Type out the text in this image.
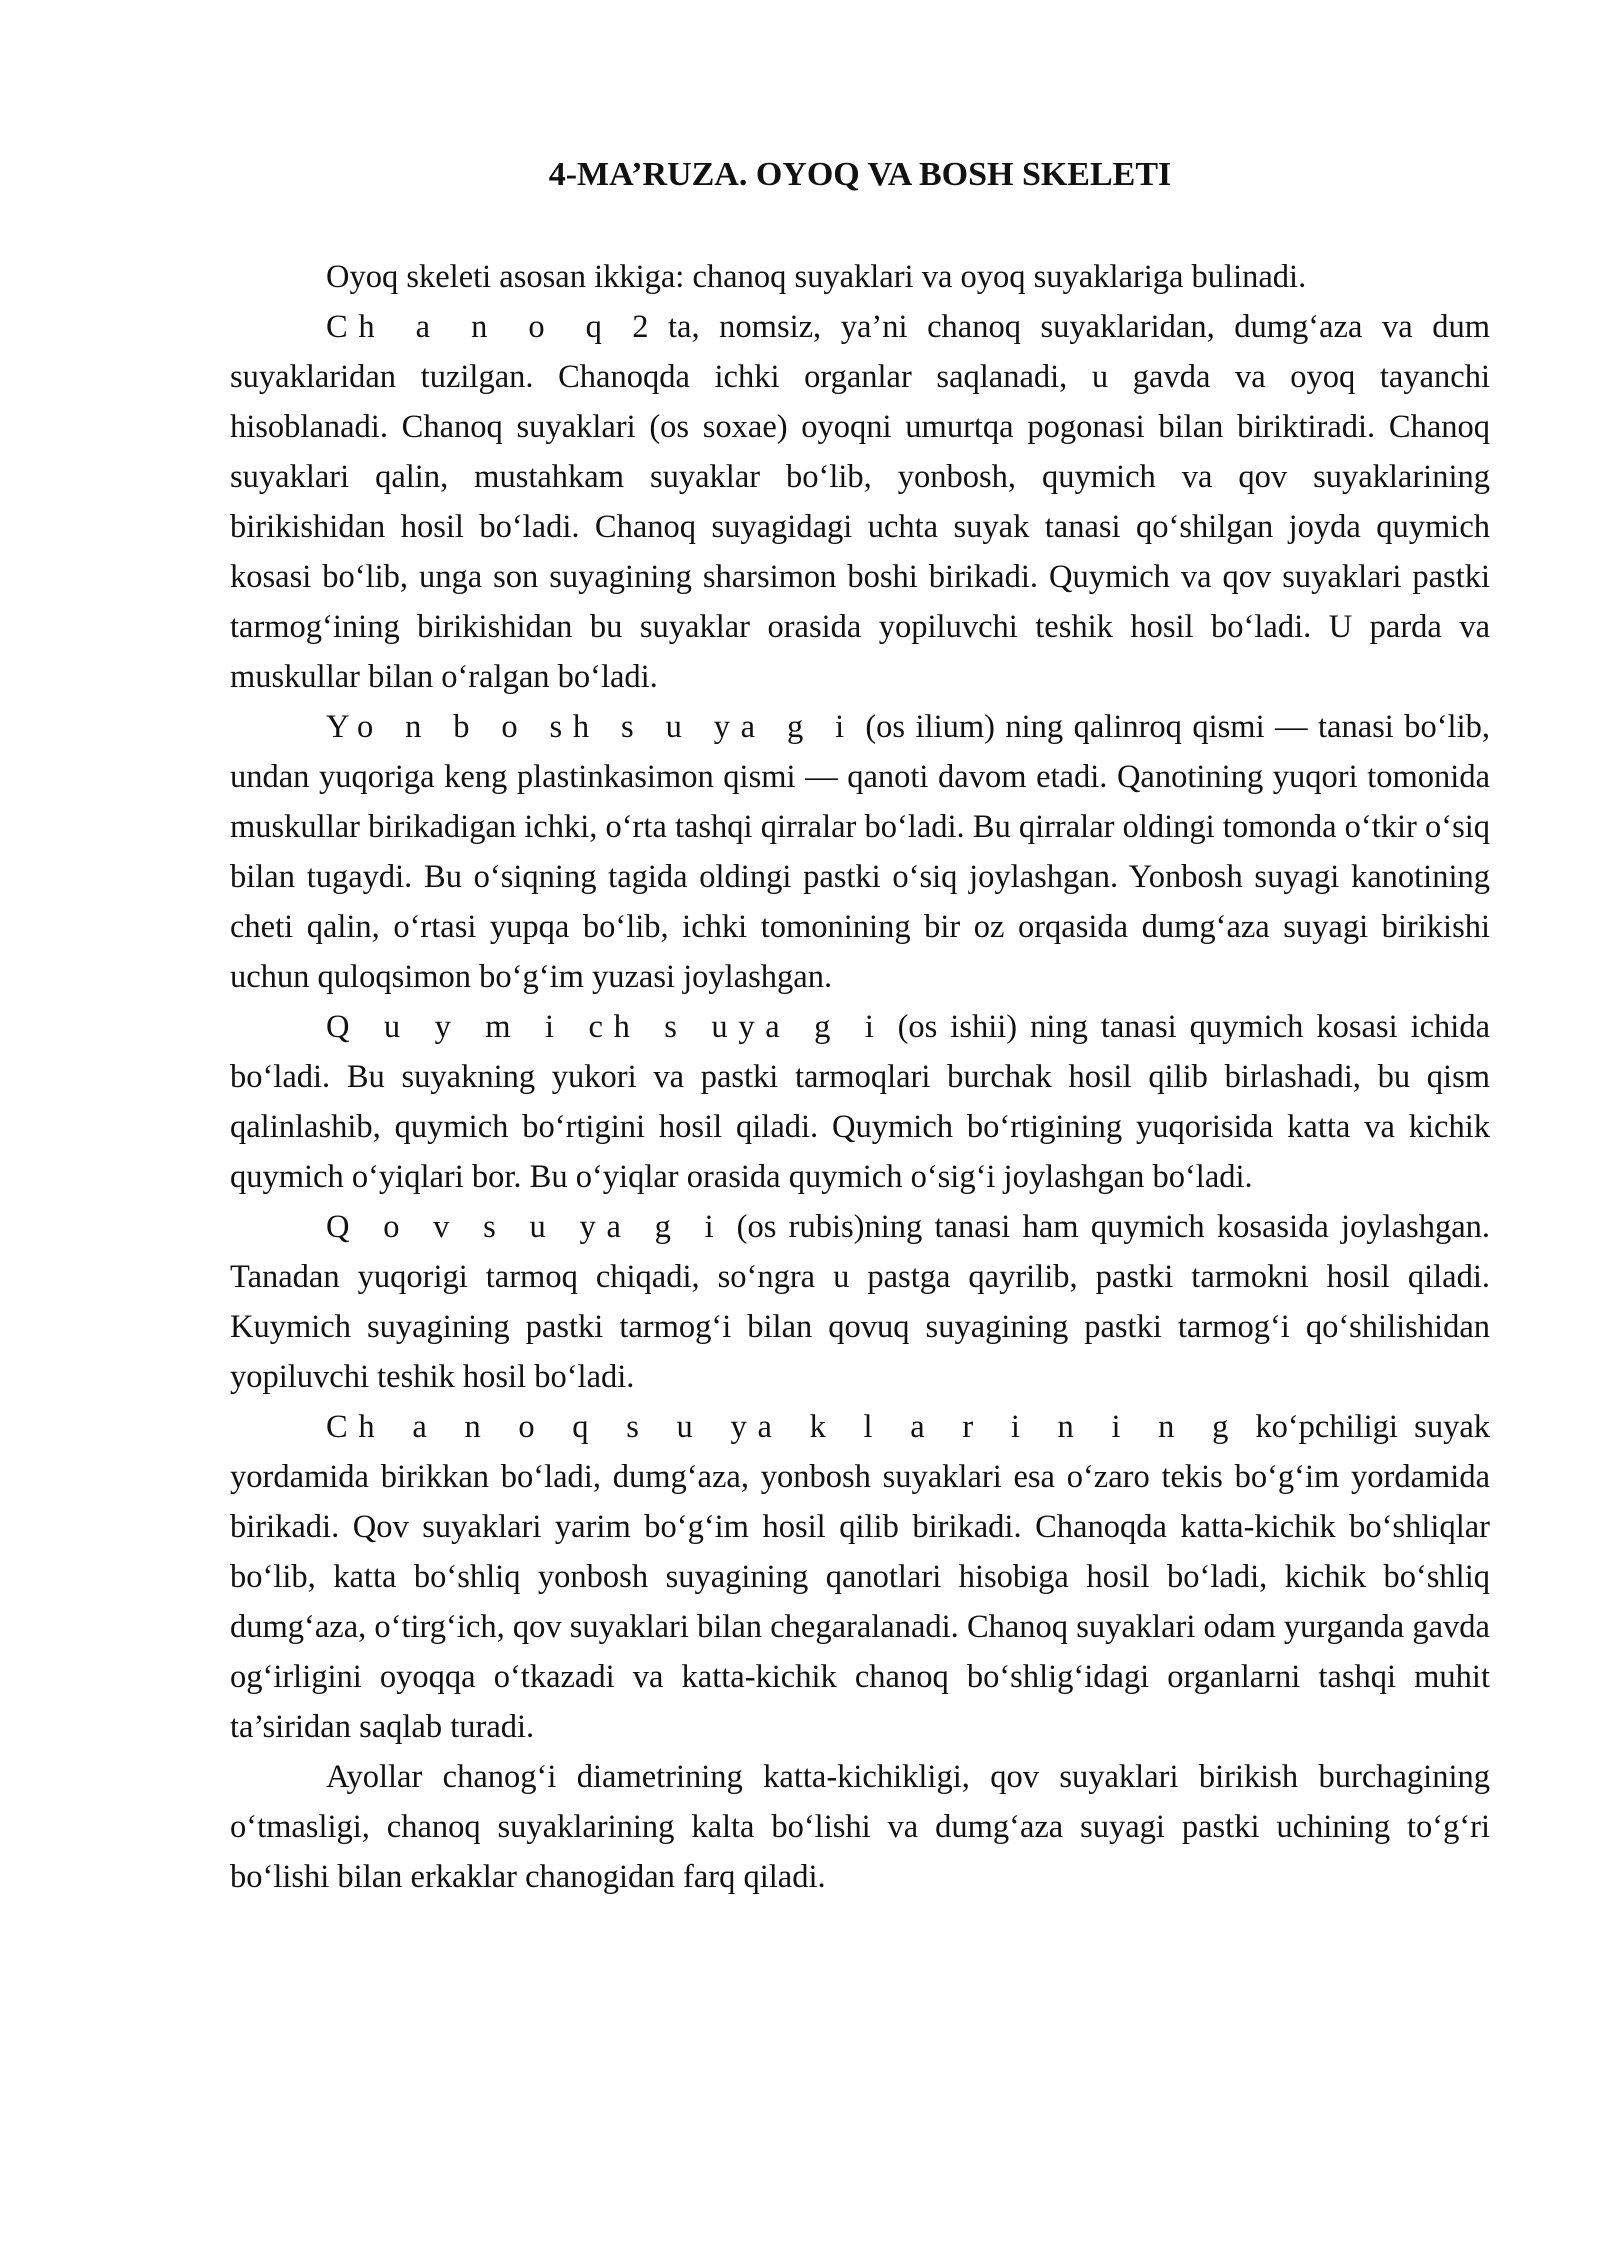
4-MA’RUZA. OYOQ VA BOSH SKELETI

Oyoq skeleti asosan ikkiga: chanoq suyaklari va oyoq suyaklariga bulinadi.

Ch a n o q 2 ta, nomsiz, ya’ni chanoq suyaklaridan, dumg‘aza va dum suyaklaridan tuzilgan. Chanoqda ichki organlar saqlanadi, u gavda va oyoq tayanchi hisoblanadi. Chanoq suyaklari (os soxae) oyoqni umurtqa pogonasi bilan biriktiradi. Chanoq suyaklari qalin, mustahkam suyaklar bo‘lib, yonbosh, quymich va qov suyaklarining birikishidan hosil bo‘ladi. Chanoq suyagidagi uchta suyak tanasi qo‘shilgan joyda quymich kosasi bo‘lib, unga son suyagining sharsimon boshi birikadi. Quymich va qov suyaklari pastki tarmog‘ining birikishidan bu suyaklar orasida yopiluvchi teshik hosil bo‘ladi. U parda va muskullar bilan o‘ralgan bo‘ladi.

Yo n b o sh s u ya g i (os ilium) ning qalinroq qismi — tanasi bo‘lib, undan yuqoriga keng plastinkasimon qismi — qanoti davom etadi. Qanotining yuqori tomonida muskullar birikadigan ichki, o‘rta tashqi qirralar bo‘ladi. Bu qirralar oldingi tomonda o‘tkir o‘siq bilan tugaydi. Bu o‘siqning tagida oldingi pastki o‘siq joylashgan. Yonbosh suyagi kanotining cheti qalin, o‘rtasi yupqa bo‘lib, ichki tomonining bir oz orqasida dumg‘aza suyagi birikishi uchun quloqsimon bo‘g‘im yuzasi joylashgan.

Q u y m i ch s uya g i (os ishii) ning tanasi quymich kosasi ichida bo‘ladi. Bu suyakning yukori va pastki tarmoqlari burchak hosil qilib birlashadi, bu qism qalinlashib, quymich bo‘rtigini hosil qiladi. Quymich bo‘rtigining yuqorisida katta va kichik quymich o‘yiqlari bor. Bu o‘yiqlar orasida quymich o‘sig‘i joylashgan bo‘ladi.

Q o v s u ya g i (os rubis)ning tanasi ham quymich kosasida joylashgan. Tanadan yuqorigi tarmoq chiqadi, so‘ngra u pastga qayrilib, pastki tarmokni hosil qiladi. Kuymich suyagining pastki tarmog‘i bilan qovuq suyagining pastki tarmog‘i qo‘shilishidan yopiluvchi teshik hosil bo‘ladi.

Ch a n o q s u ya k l a r i n i n g ko‘pchiligi suyak yordamida birikkan bo‘ladi, dumg‘aza, yonbosh suyaklari esa o‘zaro tekis bo‘g‘im yordamida birikadi. Qov suyaklari yarim bo‘g‘im hosil qilib birikadi. Chanoqda katta-kichik bo‘shliqlar bo‘lib, katta bo‘shliq yonbosh suyagining qanotlari hisobiga hosil bo‘ladi, kichik bo‘shliq dumg‘aza, o‘tirg‘ich, qov suyaklari bilan chegaralanadi. Chanoq suyaklari odam yurganda gavda og‘irligini oyoqqa o‘tkazadi va katta-kichik chanoq bo‘shlig‘idagi organlarni tashqi muhit ta’siridan saqlab turadi.

Ayollar chanog‘i diametrining katta-kichikligi, qov suyaklari birikish burchagining o‘tmasligi, chanoq suyaklarining kalta bo‘lishi va dumg‘aza suyagi pastki uchining to‘g‘ri bo‘lishi bilan erkaklar chanogidan farq qiladi.
